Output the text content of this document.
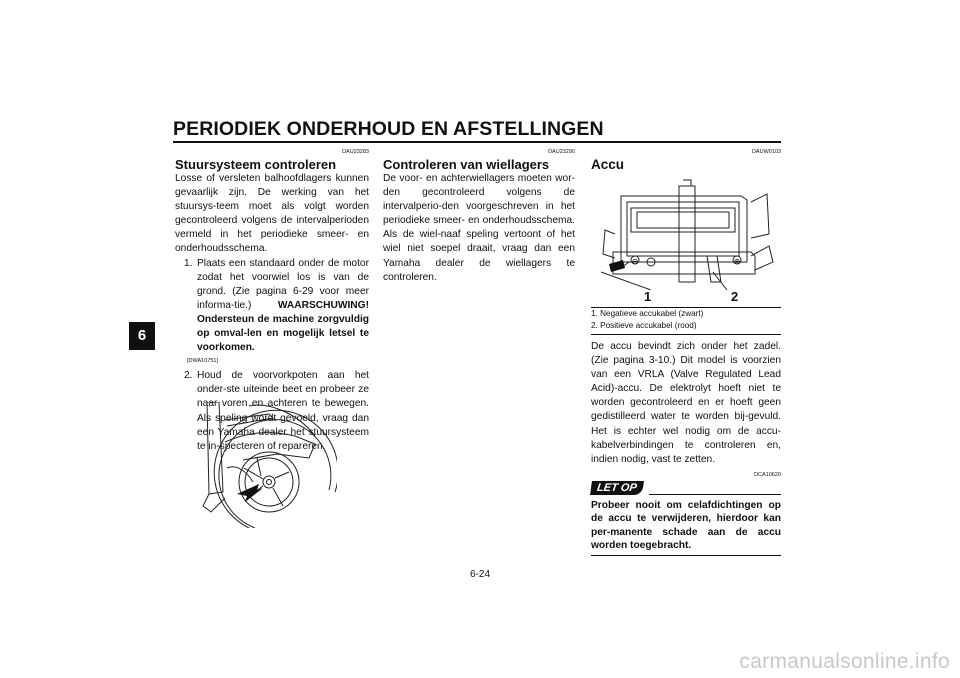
PERIODIEK ONDERHOUD EN AFSTELLINGEN
6
DAU23283
Stuursysteem controleren

Losse of versleten balhoofdlagers kunnen gevaarlijk zijn. De werking van het stuursys-teem moet als volgt worden gecontroleerd volgens de intervalperioden vermeld in het periodieke smeer- en onderhoudsschema.

1. Plaats een standaard onder de motor zodat het voorwiel los is van de grond. (Zie pagina 6-29 voor meer informa-tie.) WAARSCHUWING! Ondersteun de machine zorgvuldig op omval-len en mogelijk letsel te voorkomen.
[DWA10751]
2. Houd de voorvorkpoten aan het onder-ste uiteinde beet en probeer ze naar voren en achteren te bewegen. Als speling wordt gevoeld, vraag dan een Yamaha dealer het stuursysteem te in-specteren of repareren.
DAU23290
Controleren van wiellagers

De voor- en achterwiellagers moeten wor-den gecontroleerd volgens de intervalperio-den voorgeschreven in het periodieke smeer- en onderhoudsschema. Als de wiel-naaf speling vertoont of het wiel niet soepel draait, vraag dan een Yamaha dealer de wiellagers te controleren.

DAUW0103
Accu
⊖	⊕
1	2
1. Negatieve accukabel (zwart)
2. Positieve accukabel (rood)

De accu bevindt zich onder het zadel. (Zie pagina 3-10.) Dit model is voorzien van een VRLA (Valve Regulated Lead Acid)-accu. De elektrolyt hoeft niet te worden gecontroleerd en er hoeft geen gedistilleerd water te worden bij-gevuld. Het is echter wel nodig om de accu-kabelverbindingen te controleren en, indien nodig, vast te zetten.

DCA10620
LET OP
Probeer nooit om celafdichtingen op de accu te verwijderen, hierdoor kan per-manente schade aan de accu worden toegebracht.
6-24
carmanualsonline.info
